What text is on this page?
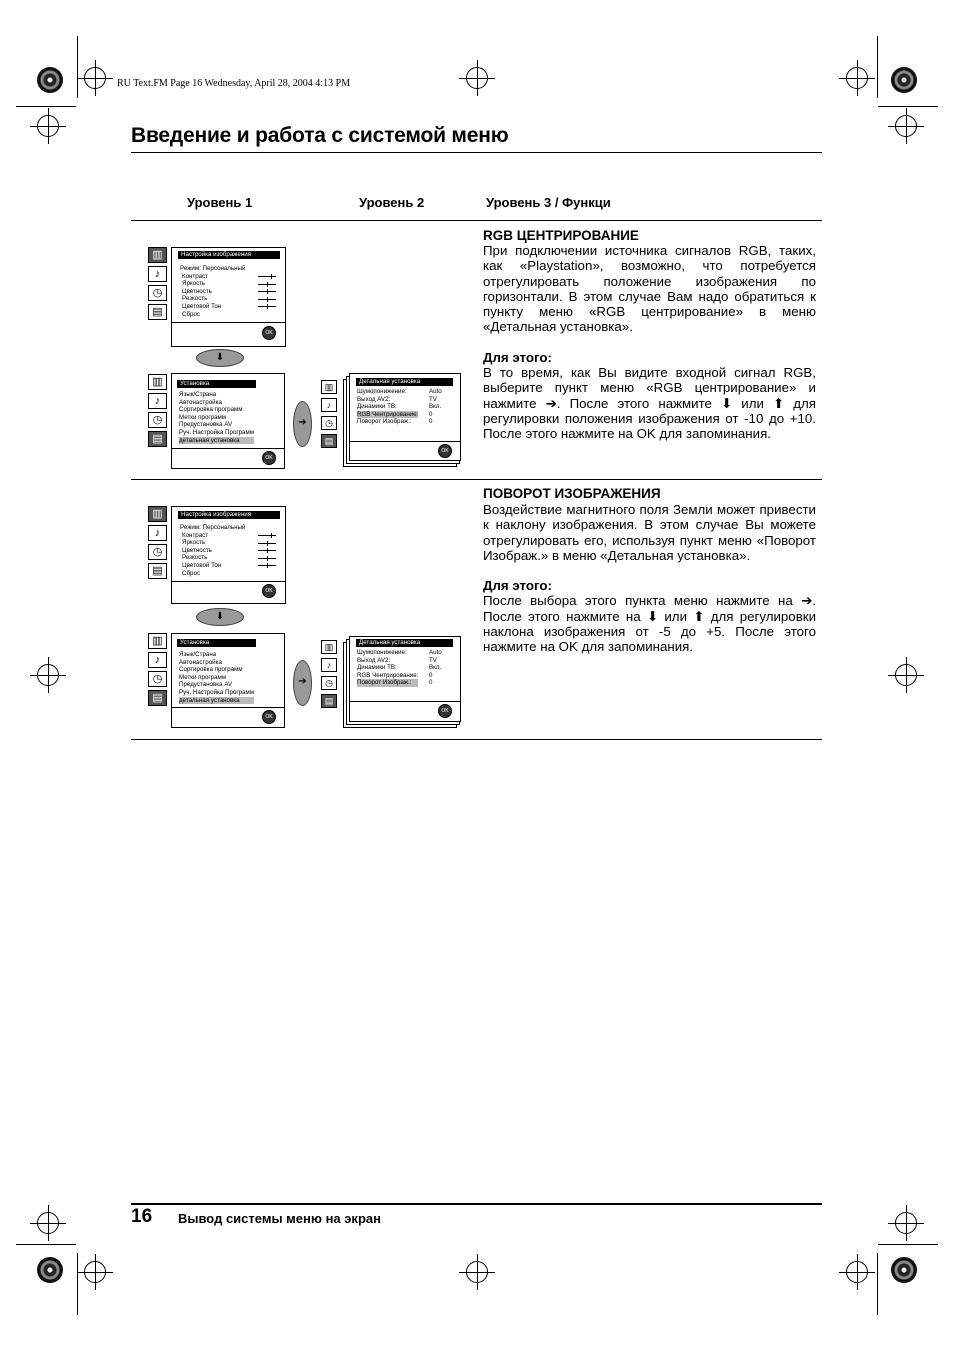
RU Text.FM Page 16 Wednesday, April 28, 2004 4:13 PM
Введение и работа с системой меню
Уровень 1	Уровень 2	Уровень 3 / Функци
▥
♪
◷
▤
Настройка изображения
Режим: Персональный
Контраст
Яркость
Цветность
Резкость
Цветовой Тон
Сброс
OK
⬇
▥
♪
◷
▤
Установка
Язык/Страна
Автонастройка
Сортировка программ
Метки программ
Предустановка AV
Руч. Настройка Программ
детальная установка
OK
➔
▥
♪
◷
▤
Детальная установка
Шумопонижение:
Выход AV2:
Динамики ТВ:
RGB Чентрирование:
Поворот Изображ.:
Auto
TV
Вкл.
0
0
OK
RGB ЦЕНТРИРОВАНИЕ

При подключении источника сигналов RGB, таких, как «Playstation», возможно, что потребуется отрегулировать положение изображения по горизонтали. В этом случае Вам надо обратиться к пункту меню «RGB центрирование» в меню «Детальная установка».

Для этого:

В то время, как Вы видите входной сигнал RGB, выберите пункт меню «RGB центрирование» и нажмите ➔. После этого нажмите ⬇ или ⬆ для регулировки положения изображения от -10 до +10. После этого нажмите на OK для запоминания.

▥
♪
◷
▤
Настройка изображения
Режим: Персональный
Контраст
Яркость
Цветность
Резкость
Цветовой Тон
Сброс
OK
⬇
▥
♪
◷
▤
Установка
Язык/Страна
Автонастройка
Сортировка программ
Метки программ
Предустановка AV
Руч. Настройка Программ
детальная установка
OK
➔
▥
♪
◷
▤
Детальная установка
Шумопонижение:
Выход AV2:
Динамики ТВ:
RGB Чентрирование:
Поворот Изображ.:
Auto
TV
Вкл.
0
0
OK
ПОВОРОТ ИЗОБРАЖЕНИЯ

Воздействие магнитного поля Земли может привести к наклону изображения. В этом случае Вы можете отрегулировать его, используя пункт меню «Поворот Изображ.» в меню «Детальная установка».

Для этого:

После выбора этого пункта меню нажмите на ➔. После этого нажмите на ⬇ или ⬆ для регулировки наклона изображения от -5 до +5. После этого нажмите на OK для запоминания.

16 Вывод системы меню на экран
